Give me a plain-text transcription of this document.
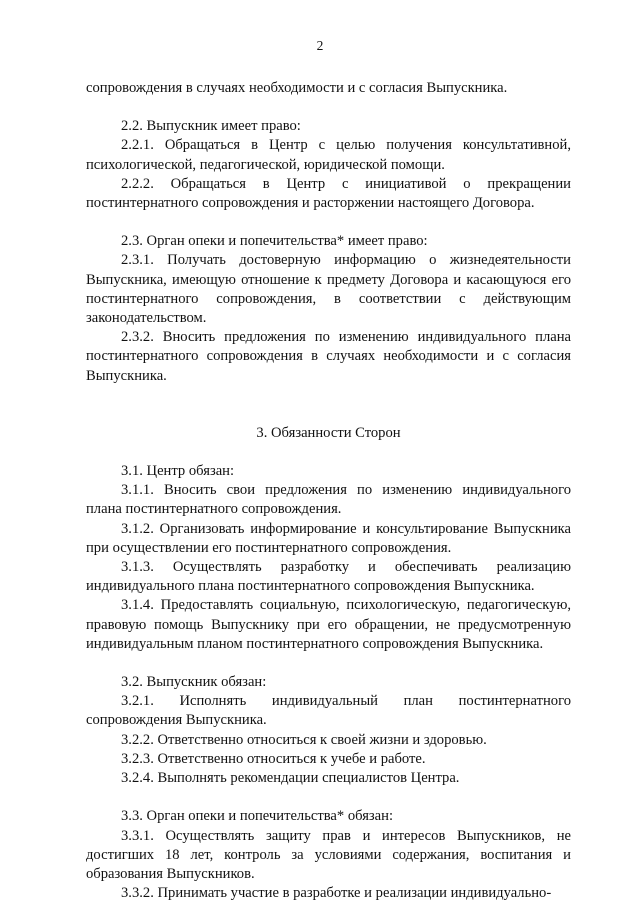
2

сопровождения в случаях необходимости и с согласия Выпускника.

2.2. Выпускник имеет право:

2.2.1. Обращаться в Центр с целью получения консультативной, психологической, педагогической, юридической помощи.

2.2.2. Обращаться в Центр с инициативой о прекращении постинтернатного сопровождения и расторжении настоящего Договора.

2.3. Орган опеки и попечительства* имеет право:

2.3.1. Получать достоверную информацию о жизнедеятельности Выпускника, имеющую отношение к предмету Договора и касающуюся его постинтернатного сопровождения, в соответствии с действующим законодательством.

2.3.2. Вносить предложения по изменению индивидуального плана постинтернатного сопровождения в случаях необходимости и с согласия Выпускника.

3. Обязанности Сторон

3.1. Центр обязан:

3.1.1. Вносить свои предложения по изменению индивидуального плана постинтернатного сопровождения.

3.1.2. Организовать информирование и консультирование Выпускника при осуществлении его постинтернатного сопровождения.

3.1.3. Осуществлять разработку и обеспечивать реализацию индивидуального плана постинтернатного сопровождения Выпускника.

3.1.4. Предоставлять социальную, психологическую, педагогическую, правовую помощь Выпускнику при его обращении, не предусмотренную индивидуальным планом постинтернатного сопровождения Выпускника.

3.2. Выпускник обязан:

3.2.1. Исполнять индивидуальный план постинтернатного сопровождения Выпускника.

3.2.2. Ответственно относиться к своей жизни и здоровью.

3.2.3. Ответственно относиться к учебе и работе.

3.2.4. Выполнять рекомендации специалистов Центра.

3.3. Орган опеки и попечительства* обязан:

3.3.1. Осуществлять защиту прав и интересов Выпускников, не достигших 18 лет, контроль за условиями содержания, воспитания и образования Выпускников.

3.3.2. Принимать участие в разработке и реализации индивидуально-
